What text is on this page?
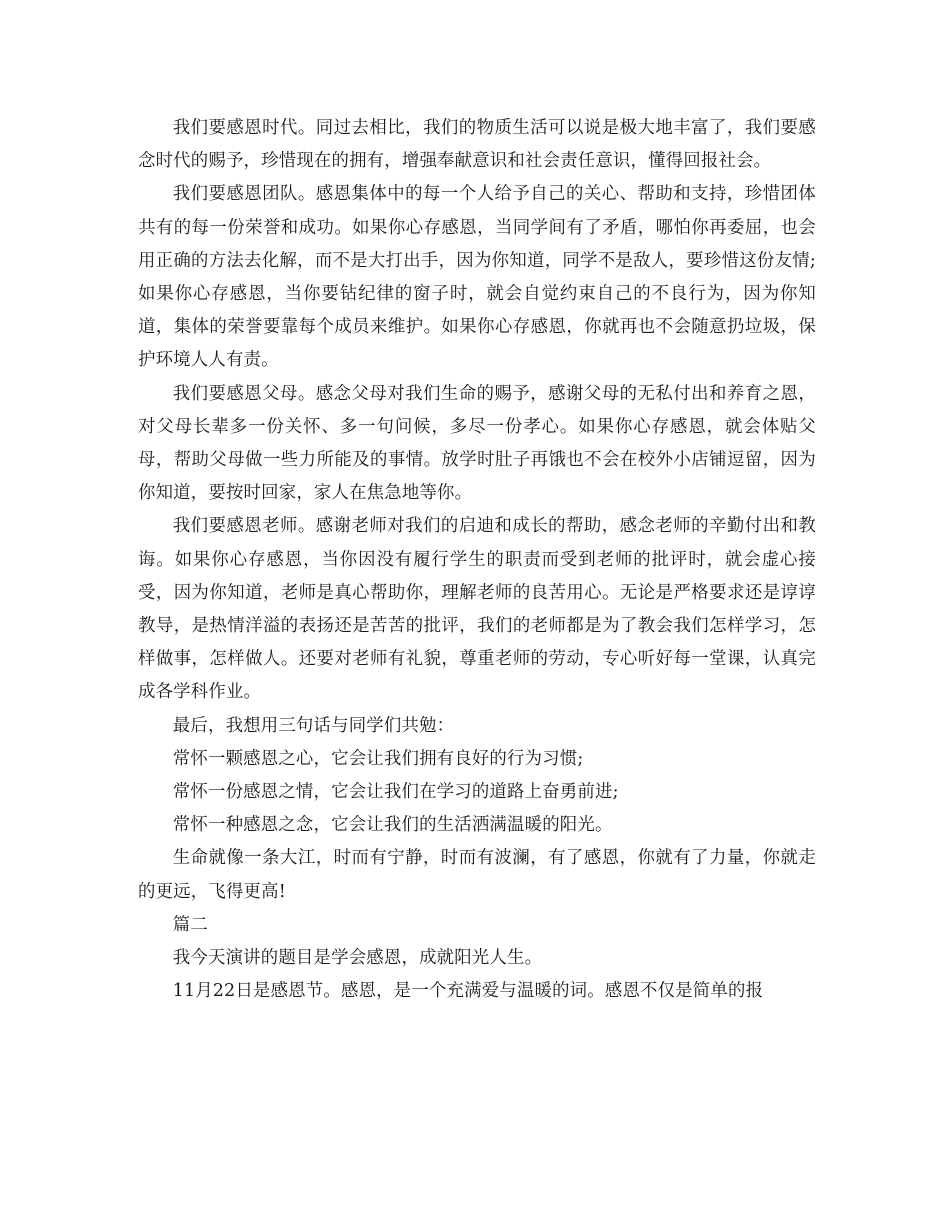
我们要感恩时代。同过去相比，我们的物质生活可以说是极大地丰富了，我们要感念时代的赐予，珍惜现在的拥有，增强奉献意识和社会责任意识，懂得回报社会。

我们要感恩团队。感恩集体中的每一个人给予自己的关心、帮助和支持，珍惜团体共有的每一份荣誉和成功。如果你心存感恩，当同学间有了矛盾，哪怕你再委屈，也会用正确的方法去化解，而不是大打出手，因为你知道，同学不是敌人，要珍惜这份友情;如果你心存感恩，当你要钻纪律的窗子时，就会自觉约束自己的不良行为，因为你知道，集体的荣誉要靠每个成员来维护。如果你心存感恩，你就再也不会随意扔垃圾，保护环境人人有责。

我们要感恩父母。感念父母对我们生命的赐予，感谢父母的无私付出和养育之恩，对父母长辈多一份关怀、多一句问候，多尽一份孝心。如果你心存感恩，就会体贴父母，帮助父母做一些力所能及的事情。放学时肚子再饿也不会在校外小店铺逗留，因为你知道，要按时回家，家人在焦急地等你。

我们要感恩老师。感谢老师对我们的启迪和成长的帮助，感念老师的辛勤付出和教诲。如果你心存感恩，当你因没有履行学生的职责而受到老师的批评时，就会虚心接受，因为你知道，老师是真心帮助你，理解老师的良苦用心。无论是严格要求还是谆谆教导，是热情洋溢的表扬还是苦苦的批评，我们的老师都是为了教会我们怎样学习，怎样做事，怎样做人。还要对老师有礼貌，尊重老师的劳动，专心听好每一堂课，认真完成各学科作业。

最后，我想用三句话与同学们共勉：

常怀一颗感恩之心，它会让我们拥有良好的行为习惯;

常怀一份感恩之情，它会让我们在学习的道路上奋勇前进;

常怀一种感恩之念，它会让我们的生活洒满温暖的阳光。

生命就像一条大江，时而有宁静，时而有波澜，有了感恩，你就有了力量，你就走的更远，飞得更高!

篇二

我今天演讲的题目是学会感恩，成就阳光人生。

11月22日是感恩节。感恩，是一个充满爱与温暖的词。感恩不仅是简单的报
